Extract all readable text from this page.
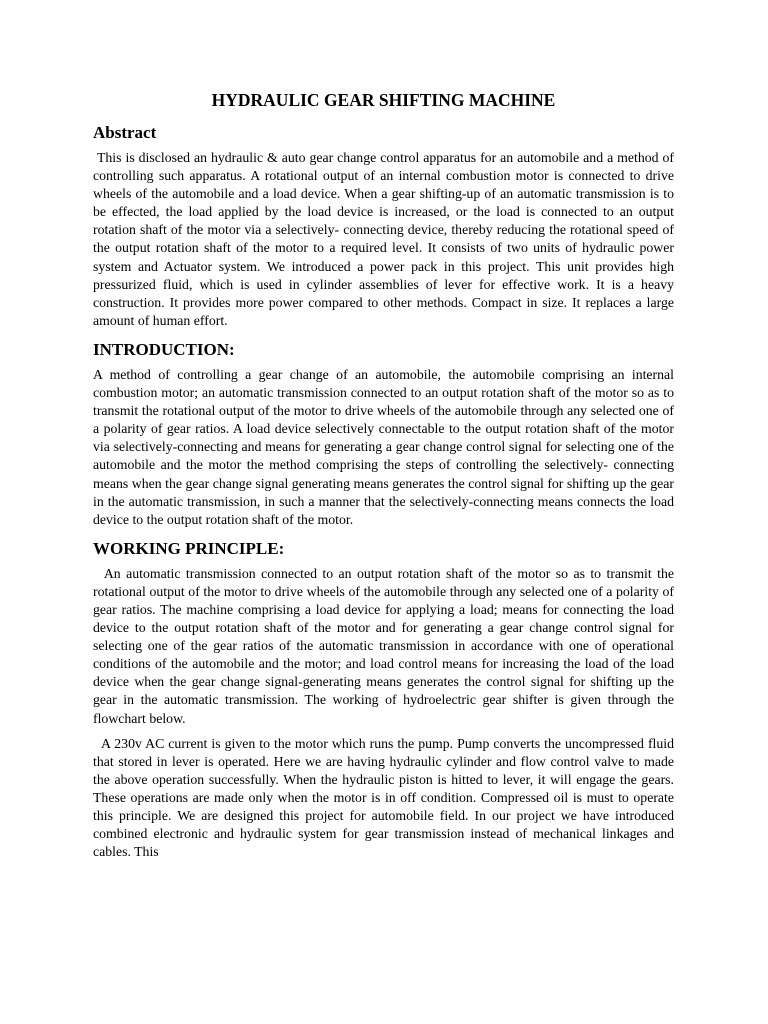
HYDRAULIC GEAR SHIFTING MACHINE
Abstract

This is disclosed an hydraulic & auto gear change control apparatus for an automobile and a method of controlling such apparatus. A rotational output of an internal combustion motor is connected to drive wheels of the automobile and a load device. When a gear shifting-up of an automatic transmission is to be effected, the load applied by the load device is increased, or the load is connected to an output rotation shaft of the motor via a selectively- connecting device, thereby reducing the rotational speed of the output rotation shaft of the motor to a required level. It consists of two units of hydraulic power system and Actuator system. We introduced a power pack in this project. This unit provides high pressurized fluid, which is used in cylinder assemblies of lever for effective work. It is a heavy construction. It provides more power compared to other methods. Compact in size. It replaces a large amount of human effort.

INTRODUCTION:

A method of controlling a gear change of an automobile, the automobile comprising an internal combustion motor; an automatic transmission connected to an output rotation shaft of the motor so as to transmit the rotational output of the motor to drive wheels of the automobile through any selected one of a polarity of gear ratios. A load device selectively connectable to the output rotation shaft of the motor via selectively-connecting and means for generating a gear change control signal for selecting one of the automobile and the motor the method comprising the steps of controlling the selectively- connecting means when the gear change signal generating means generates the control signal for shifting up the gear in the automatic transmission, in such a manner that the selectively-connecting means connects the load device to the output rotation shaft of the motor.

WORKING PRINCIPLE:

An automatic transmission connected to an output rotation shaft of the motor so as to transmit the rotational output of the motor to drive wheels of the automobile through any selected one of a polarity of gear ratios. The machine comprising a load device for applying a load; means for connecting the load device to the output rotation shaft of the motor and for generating a gear change control signal for selecting one of the gear ratios of the automatic transmission in accordance with one of operational conditions of the automobile and the motor; and load control means for increasing the load of the load device when the gear change signal-generating means generates the control signal for shifting up the gear in the automatic transmission. The working of hydroelectric gear shifter is given through the flowchart below.

A 230v AC current is given to the motor which runs the pump. Pump converts the uncompressed fluid that stored in lever is operated. Here we are having hydraulic cylinder and flow control valve to made the above operation successfully. When the hydraulic piston is hitted to lever, it will engage the gears. These operations are made only when the motor is in off condition. Compressed oil is must to operate this principle. We are designed this project for automobile field. In our project we have introduced combined electronic and hydraulic system for gear transmission instead of mechanical linkages and cables. This
